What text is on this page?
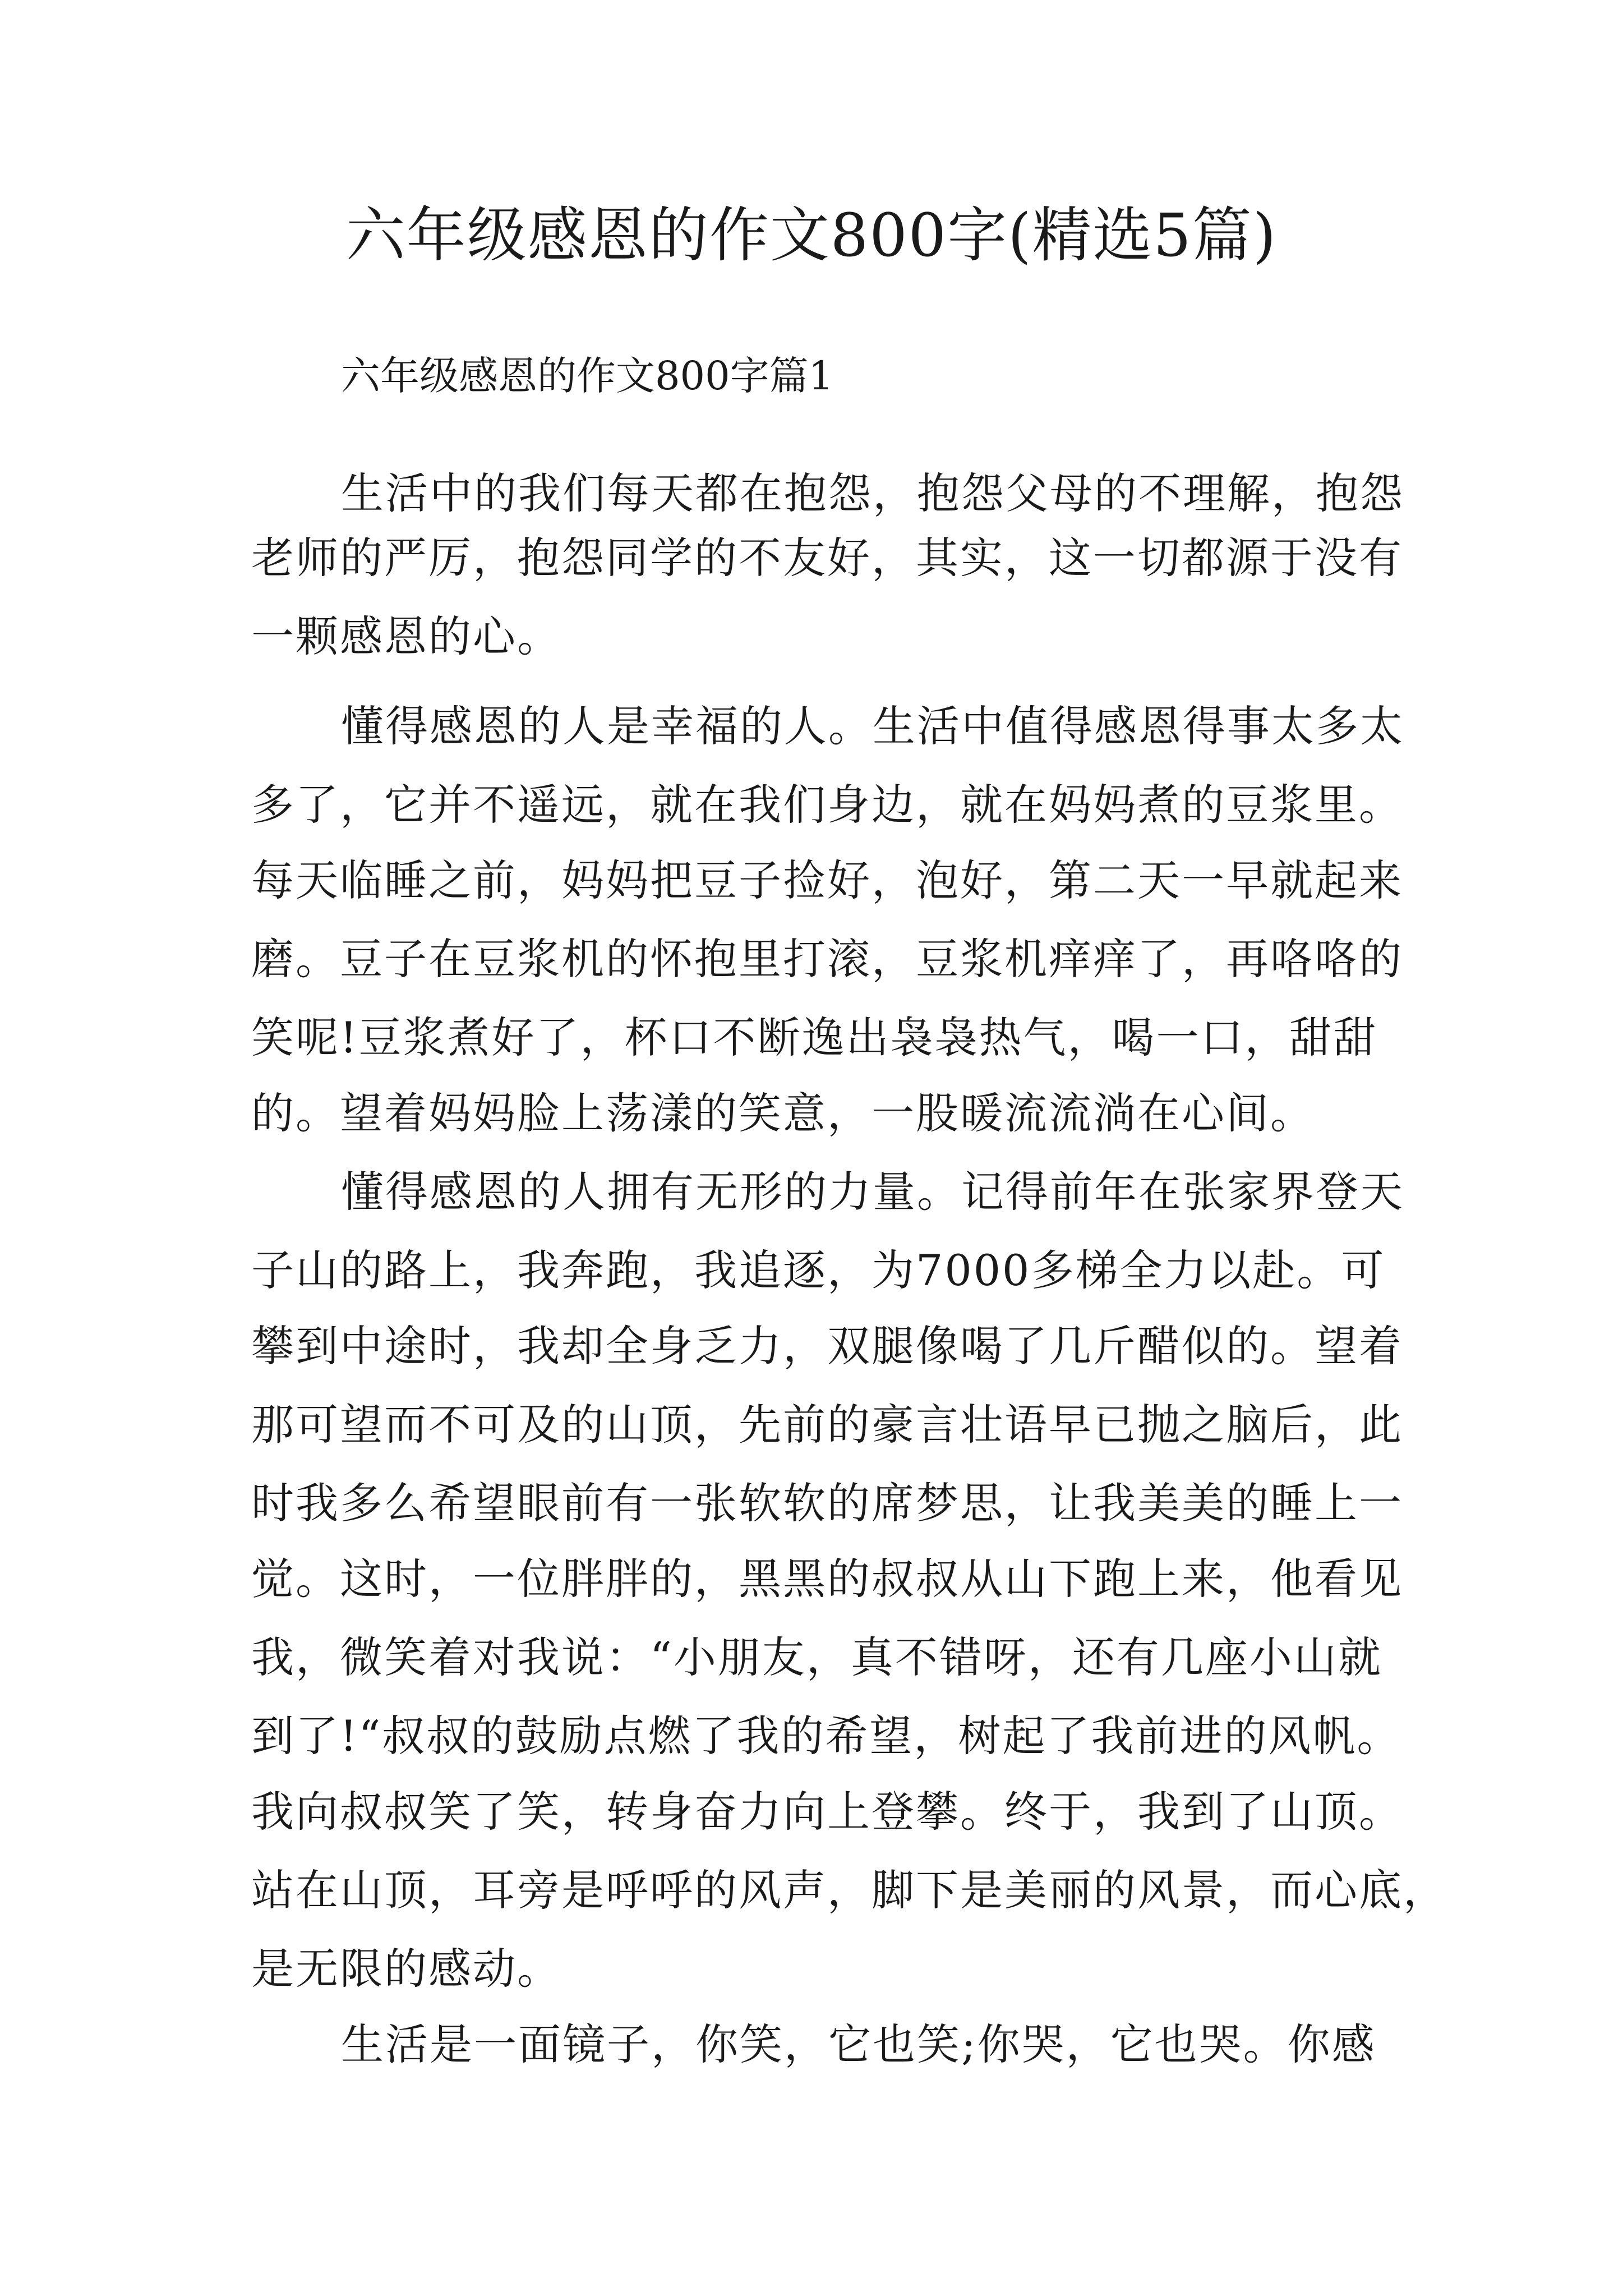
六年级感恩的作文800字(精选5篇)

六年级感恩的作文800字篇1

生活中的我们每天都在抱怨，抱怨父母的不理解，抱怨

老师的严厉，抱怨同学的不友好，其实，这一切都源于没有

一颗感恩的心。

懂得感恩的人是幸福的人。生活中值得感恩得事太多太

多了，它并不遥远，就在我们身边，就在妈妈煮的豆浆里。

每天临睡之前，妈妈把豆子捡好，泡好，第二天一早就起来

磨。豆子在豆浆机的怀抱里打滚，豆浆机痒痒了，再咯咯的

笑呢!豆浆煮好了，杯口不断逸出袅袅热气，喝一口，甜甜

的。望着妈妈脸上荡漾的笑意，一股暖流流淌在心间。

懂得感恩的人拥有无形的力量。记得前年在张家界登天

子山的路上，我奔跑，我追逐，为7000多梯全力以赴。可

攀到中途时，我却全身乏力，双腿像喝了几斤醋似的。望着

那可望而不可及的山顶，先前的豪言壮语早已抛之脑后，此

时我多么希望眼前有一张软软的席梦思，让我美美的睡上一

觉。这时，一位胖胖的，黑黑的叔叔从山下跑上来，他看见

我，微笑着对我说：“小朋友，真不错呀，还有几座小山就

到了!“叔叔的鼓励点燃了我的希望，树起了我前进的风帆。

我向叔叔笑了笑，转身奋力向上登攀。终于，我到了山顶。

站在山顶，耳旁是呼呼的风声，脚下是美丽的风景，而心底，

是无限的感动。

生活是一面镜子，你笑，它也笑;你哭，它也哭。你感
